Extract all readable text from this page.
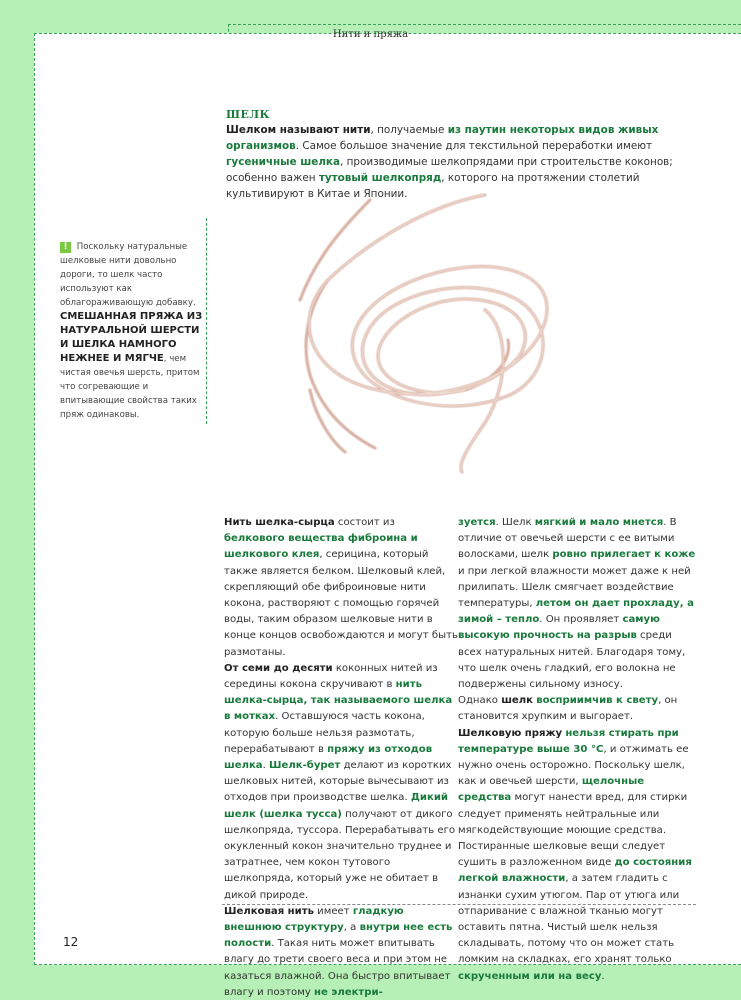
Нити и пряжа
ШЕЛК
Шелком называют нити, получаемые из паутин некоторых видов живых организмов. Самое большое значение для текстильной переработки имеют гусеничные шелка, производимые шелкопрядами при строительстве коконов; особенно важен тутовый шелкопряд, которого на протяжении столетий культивируют в Китае и Японии.
! Поскольку натуральные шелковые нити довольно дороги, то шелк часто используют как облагораживающую добавку. СМЕШАННАЯ ПРЯЖА ИЗ НАТУРАЛЬНОЙ ШЕРСТИ И ШЕЛКА НАМНОГО НЕЖНЕЕ И МЯГЧЕ, чем чистая овечья шерсть, притом что согревающие и впитывающие свойства таких пряж одинаковы.

Нить шелка-сырца состоит из белкового вещества фиброина и шелкового клея, серицина, который также является белком. Шелковый клей, скрепляющий обе фиброиновые нити кокона, растворяют с помощью горячей воды, таким образом шелковые нити в конце концов освобождаются и могут быть размотаны.

От семи до десяти коконных нитей из середины кокона скручивают в нить шелка-сырца, так называемого шелка в мотках. Оставшуюся часть кокона, которую больше нельзя размотать, перерабатывают в пряжу из отходов шелка. Шелк-бурет делают из коротких шелковых нитей, которые вычесывают из отходов при производстве шелка. Дикий шелк (шелка тусса) получают от дикого шелкопряда, туссора. Перерабатывать его окукленный кокон значительно труднее и затратнее, чем кокон тутового шелкопряда, который уже не обитает в дикой природе.

Шелковая нить имеет гладкую внешнюю структуру, а внутри нее есть полости. Такая нить может впитывать влагу до трети своего веса и при этом не казаться влажной. Она быстро впитывает влагу и поэтому не электри-

зуется. Шелк мягкий и мало мнется. В отличие от овечьей шерсти с ее витыми волосками, шелк ровно прилегает к коже и при легкой влажности может даже к ней прилипать. Шелк смягчает воздействие температуры, летом он дает прохладу, а зимой – тепло. Он проявляет самую высокую прочность на разрыв среди всех натуральных нитей. Благодаря тому, что шелк очень гладкий, его волокна не подвержены сильному износу.

Однако шелк восприимчив к свету, он становится хрупким и выгорает.

Шелковую пряжу нельзя стирать при температуре выше 30 °С, и отжимать ее нужно очень осторожно. Поскольку шелк, как и овечьей шерсти, щелочные средства могут нанести вред, для стирки следует применять нейтральные или мягкодействующие моющие средства. Постиранные шелковые вещи следует сушить в разложенном виде до состояния легкой влажности, а затем гладить с изнанки сухим утюгом. Пар от утюга или отпаривание с влажной тканью могут оставить пятна. Чистый шелк нельзя складывать, потому что он может стать ломким на складках, его хранят только скрученным или на весу.

12
